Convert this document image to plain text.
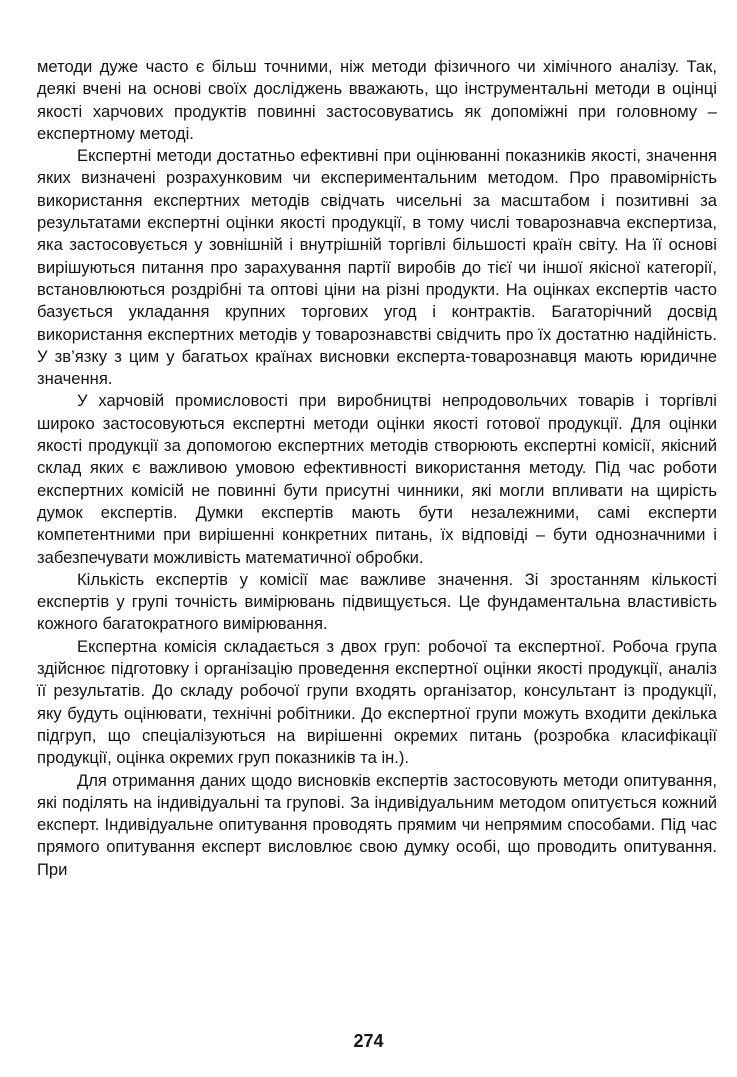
методи дуже часто є більш точними, ніж методи фізичного чи хімічного аналізу. Так, деякі вчені на основі своїх досліджень вважають, що інструментальні методи в оцінці якості харчових продуктів повинні застосовуватись як допоміжні при головному – експертному методі.

Експертні методи достатньо ефективні при оцінюванні показників якості, значення яких визначені розрахунковим чи експериментальним методом. Про правомірність використання експертних методів свідчать чисельні за масштабом і позитивні за результатами експертні оцінки якості продукції, в тому числі товарознавча експертиза, яка застосовується у зовнішній і внутрішній торгівлі більшості країн світу. На її основі вирішуються питання про зарахування партії виробів до тієї чи іншої якісної категорії, встановлюються роздрібні та оптові ціни на різні продукти. На оцінках експертів часто базується укладання крупних торгових угод і контрактів. Багаторічний досвід використання експертних методів у товарознавстві свідчить про їх достатню надійність. У зв’язку з цим у багатьох країнах висновки експерта-товарознавця мають юридичне значення.

У харчовій промисловості при виробництві непродовольчих товарів і торгівлі широко застосовуються експертні методи оцінки якості готової продукції. Для оцінки якості продукції за допомогою експертних методів створюють експертні комісії, якісний склад яких є важливою умовою ефективності використання методу. Під час роботи експертних комісій не повинні бути присутні чинники, які могли впливати на щирість думок експертів. Думки експертів мають бути незалежними, самі експерти компетентними при вирішенні конкретних питань, їх відповіді – бути однозначними і забезпечувати можливість математичної обробки.

Кількість експертів у комісії має важливе значення. Зі зростанням кількості експертів у групі точність вимірювань підвищується. Це фундаментальна властивість кожного багатократного вимірювання.

Експертна комісія складається з двох груп: робочої та експертної. Робоча група здійснює підготовку і організацію проведення експертної оцінки якості продукції, аналіз її результатів. До складу робочої групи входять організатор, консультант із продукції, яку будуть оцінювати, технічні робітники. До експертної групи можуть входити декілька підгруп, що спеціалізуються на вирішенні окремих питань (розробка класифікації продукції, оцінка окремих груп показників та ін.).

Для отримання даних щодо висновків експертів застосовують методи опитування, які поділять на індивідуальні та групові. За індивідуальним методом опитується кожний експерт. Індивідуальне опитування проводять прямим чи непрямим способами. Під час прямого опитування експерт висловлює свою думку особі, що проводить опитування. При

274
